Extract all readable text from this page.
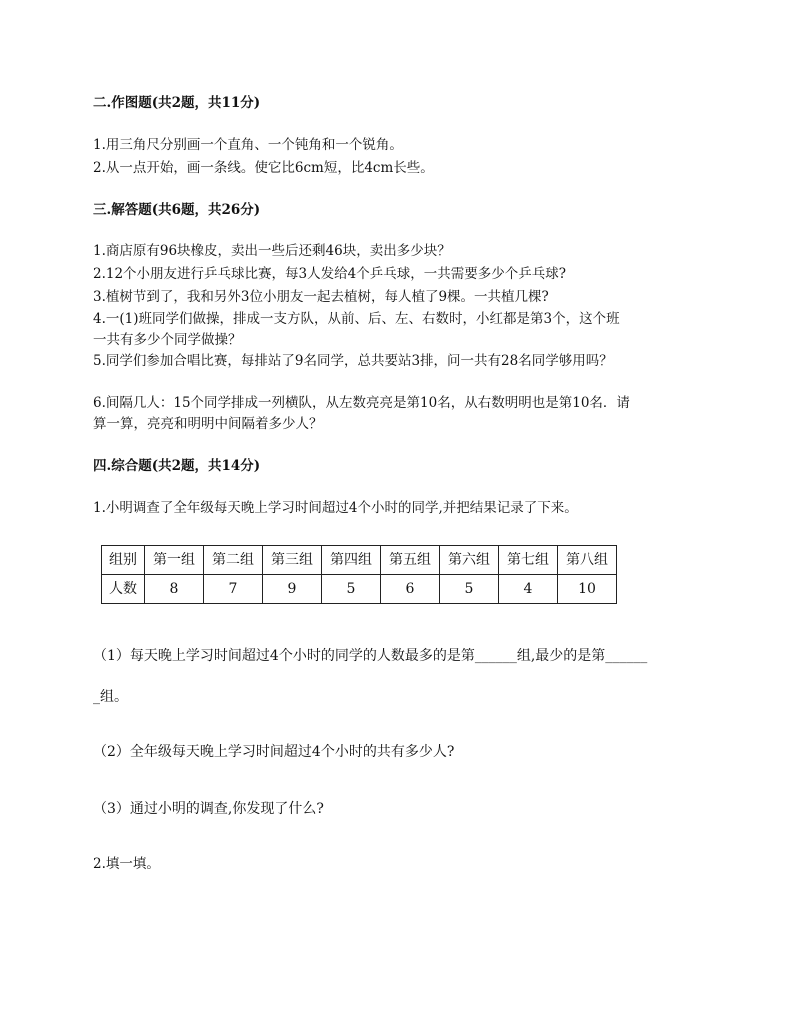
二.作图题(共2题，共11分)
1.用三角尺分别画一个直角、一个钝角和一个锐角。
2.从一点开始，画一条线。使它比6cm短，比4cm长些。
三.解答题(共6题，共26分)
1.商店原有96块橡皮，卖出一些后还剩46块，卖出多少块？
2.12个小朋友进行乒乓球比赛，每3人发给4个乒乓球，一共需要多少个乒乓球?
3.植树节到了，我和另外3位小朋友一起去植树，每人植了9棵。一共植几棵?
4.一(1)班同学们做操，排成一支方队，从前、后、左、右数时，小红都是第3个，这个班
一共有多少个同学做操？
5.同学们参加合唱比赛，每排站了9名同学，总共要站3排，问一共有28名同学够用吗？
6.间隔几人：15个同学排成一列横队，从左数亮亮是第10名，从右数明明也是第10名．请
算一算，亮亮和明明中间隔着多少人？
四.综合题(共2题，共14分)
1.小明调查了全年级每天晚上学习时间超过4个小时的同学,并把结果记录了下来。
组别	第一组	第二组	第三组	第四组	第五组	第六组	第七组	第八组
人数	8	7	9	5	6	5	4	10
（1）每天晚上学习时间超过4个小时的同学的人数最多的是第______组,最少的是第______
_组。
（2）全年级每天晚上学习时间超过4个小时的共有多少人?
（3）通过小明的调查,你发现了什么?
2.填一填。
